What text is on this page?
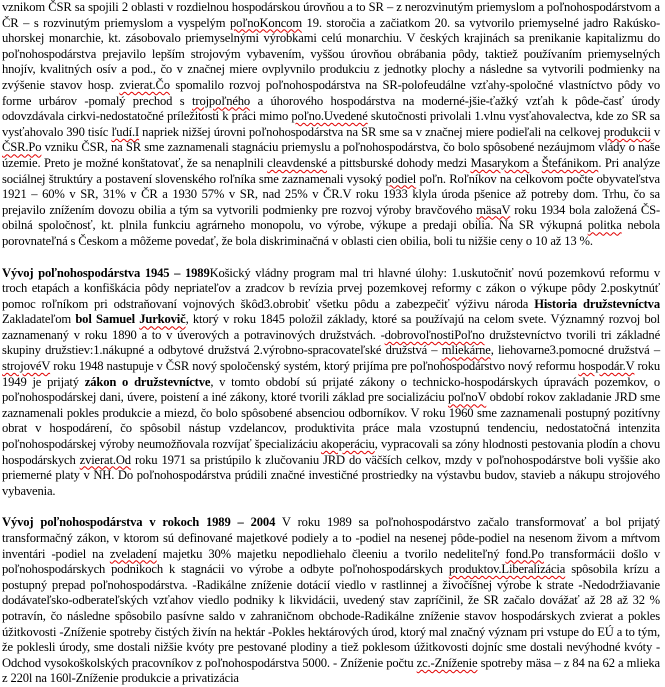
vznikom ČSR sa spojili 2 oblasti v rozdielnou hospodárskou úrovňou a to SR – z nerozvinutým priemyslom a poľnohospodárstvom a ČR – s rozvinutým priemyslom a vyspelým poľnoKoncom 19. storočia a začiatkom 20. sa vytvorilo priemyselné jadro Rakúsko-uhorskej monarchie, kt. zásobovalo priemyselnými výrobkami celú monarchiu. V českých krajinách sa prenikanie kapitalizmu do poľnohospodárstva prejavilo lepším strojovým vybavením, vyššou úrovňou obrábania pôdy, taktiež používaním priemyselných hnojív, kvalitných osív a pod., čo v značnej miere ovplyvnilo produkciu z jednotky plochy a následne sa vytvorili podmienky na zvýšenie stavov hosp. zvierat.Čo spomalilo rozvoj poľnohospodárstva na SR-polofeudálne vzťahy-spoločné vlastníctvo pôdy vo forme urbárov -pomalý prechod s trojpoľného a úhorového hospodárstva na moderné-jšie-ťažký vzťah k pôde-časť úrody odovzdávala cirkvi-nedostatočné príležitosti k práci mimo poľno.Uvedené skutočnosti privolali 1.vlnu vysťahovalectva, kde zo SR sa vysťahovalo 390 tisíc ľudí.I napriek nižšej úrovni poľnohospodárstva na SR sme sa v značnej miere podieľali na celkovej produkcii v ČSR.Po vzniku ČSR, na SR sme zaznamenali stagnáciu priemyslu a poľnohospodárstva, čo bolo spôsobené nezáujmom vlády o naše územie. Preto je možné konštatovať, že sa nenaplnili cleavdenské a pittsburské dohody medzi Masarykom a Štefánikom. Pri analýze sociálnej štruktúry a postavení slovenského roľníka sme zaznamenali vysoký podiel poľn. Roľníkov na celkovom počte obyvateľstva 1921 – 60% v SR, 31% v ČR a 1930 57% v SR, nad 25% v ČR.V roku 1933 klyla úroda pšenice až potreby dom. Trhu, čo sa prejavilo znížením dovozu obilia a tým sa vytvorili podmienky pre rozvoj výroby bravčového mäsaV roku 1934 bola založená ČS-obilná spoločnosť, kt. plnila funkciu agrárneho monopolu, vo výrobe, výkupe a predaji obilia. Na SR výkupná politka nebola porovnateľná s Českom a môžeme povedať, že bola diskriminačná v oblasti cien obilia, boli tu nižšie ceny o 10 až 13 %.

Vývoj poľnohospodárstva 1945 – 1989Košický vládny program mal tri hlavné úlohy: 1.uskutočniť novú pozemkovú reformu v troch etapách a konfiškácia pôdy nepriateľov a zradcov b revízia prvej pozemkovej reformy c zákon o výkupe pôdy 2.poskytnúť pomoc roľníkom pri odstraňovaní vojnových škôd3.obrobiť všetku pôdu a zabezpečiť výživu národa Historia družstevníctva Zakladateľom bol Samuel Jurkovič, ktorý v roku 1845 položil základy, ktoré sa používajú na celom svete. Významný rozvoj bol zaznamenaný v roku 1890 a to v úverových a potravinových družstvách. -dobrovoľnostiPoľno družstevníctvo tvorili tri základné skupiny družstiev:1.nákupné a odbytové družstvá 2.výrobno-spracovateľské družstvá – mliekárne, liehovarne3.pomocné družstvá – strojovéV roku 1948 nastupuje v ČSR nový spoločenský systém, ktorý prijíma pre poľnohospodárstvo nový reformu hospodár.V roku 1949 je prijatý zákon o družstevníctve, v tomto období sú prijaté zákony o technicko-hospodárskych úpravách pozemkov, o poľnohospodárskej dani, úvere, poistení a iné zákony, ktoré tvorili základ pre socializáciu poľnoV období rokov zakladanie JRD sme zaznamenali pokles produkcie a miezd, čo bolo spôsobené absenciou odborníkov. V roku 1960 sme zaznamenali postupný pozitívny obrat v hospodárení, čo spôsobil nástup vzdelancov, produktivita práce mala vzostupnú tendenciu, nedostatočná intenzita poľnohospodárskej výroby neumožňovala rozvíjať špecializáciu akoperáciu, vypracovali sa zóny hlodnosti pestovania plodín a chovu hospodárskych zvierat.Od roku 1971 sa pristúpilo k zlučovaniu JRD do väčších celkov, mzdy v poľnohospodárstve boli vyššie ako priemerné platy v NH. Do poľnohospodárstva prúdili značné investičné prostriedky na výstavbu budov, stavieb a nákupu strojového vybavenia.

Vývoj poľnohospodárstva v rokoch 1989 – 2004 V roku 1989 sa poľnohospodárstvo začalo transformovať a bol prijatý transformačný zákon, v ktorom sú definované majetkové podiely a to -podiel na nesenej pôde-podiel na nesenom živom a mŕtvom inventári -podiel na zveladení majetku 30% majetku nepodliehalo čleeniu a tvorilo nedeliteľný fond.Po transformácii došlo v poľnohospodárskych podnikoch k stagnácii vo výrobe a odbyte poľnohospodárskych produktov.Liberalizácia spôsobila krízu a postupný prepad poľnohospodárstva. -Radikálne zníženie dotácií viedlo v rastlinnej a živočíšnej výrobe k strate -Nedodržiavanie dodávateľsko-odberateľských vzťahov viedlo podniky k likvidácii, uvedený stav zapríčinil, že SR začalo dovážať až 28 až 32 % potravín, čo následne spôsobilo pasívne saldo v zahraničnom obchode-Radikálne zníženie stavov hospodárskych zvierat a pokles úžitkovosti -Zníženie spotreby čistých živín na hektár -Pokles hektárových úrod, ktorý mal značný význam pri vstupe do EÚ a to tým, že poklesli úrody, sme dostali nižšie kvóty pre pestované plodiny a tiež poklesom úžitkovosti dojníc sme dostali nevýhodné kvóty -Odchod vysokoškolských pracovníkov z poľnohospodárstva 5000. - Zníženie počtu zc.-Zníženie spotreby mäsa – z 84 na 62 a mlieka z 220l na 160l-Zníženie produkcie a privatizácia
